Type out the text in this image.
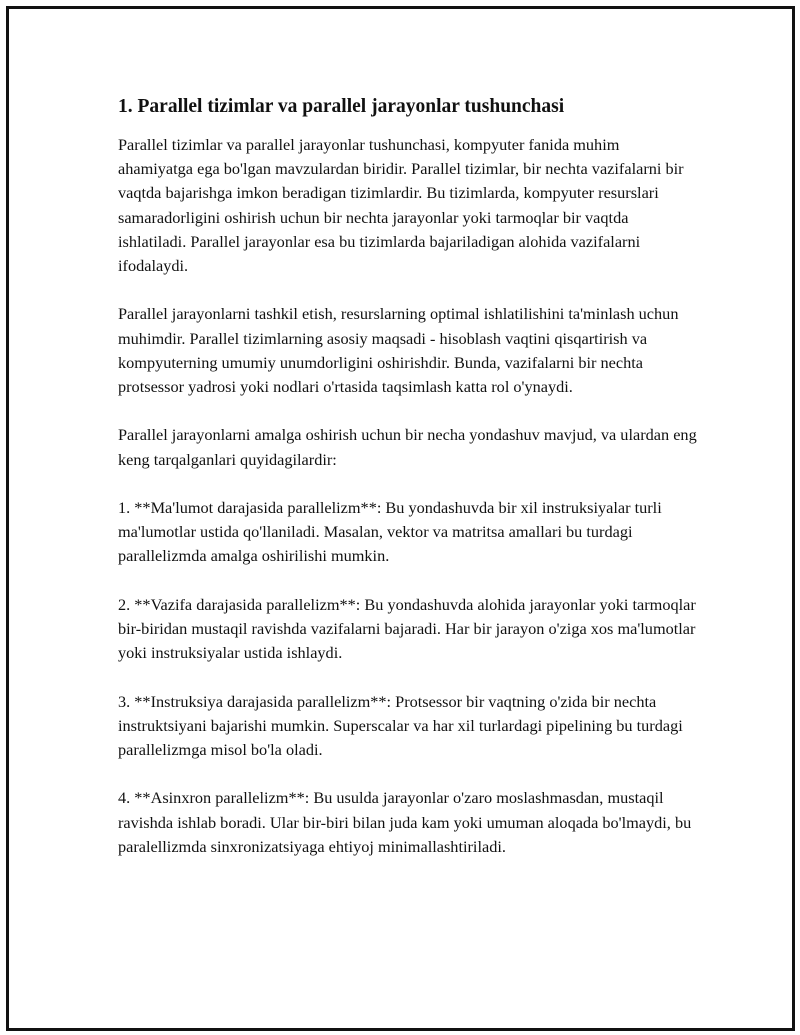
1. Parallel tizimlar va parallel jarayonlar tushunchasi

Parallel tizimlar va parallel jarayonlar tushunchasi, kompyuter fanida muhim ahamiyatga ega bo'lgan mavzulardan biridir. Parallel tizimlar, bir nechta vazifalarni bir vaqtda bajarishga imkon beradigan tizimlardir. Bu tizimlarda, kompyuter resurslari samaradorligini oshirish uchun bir nechta jarayonlar yoki tarmoqlar bir vaqtda ishlatiladi. Parallel jarayonlar esa bu tizimlarda bajariladigan alohida vazifalarni ifodalaydi.

Parallel jarayonlarni tashkil etish, resurslarning optimal ishlatilishini ta'minlash uchun muhimdir. Parallel tizimlarning asosiy maqsadi - hisoblash vaqtini qisqartirish va kompyuterning umumiy unumdorligini oshirishdir. Bunda, vazifalarni bir nechta protsessor yadrosi yoki nodlari o'rtasida taqsimlash katta rol o'ynaydi.

Parallel jarayonlarni amalga oshirish uchun bir necha yondashuv mavjud, va ulardan eng keng tarqalganlari quyidagilardir:

1. **Ma'lumot darajasida parallelizm**: Bu yondashuvda bir xil instruksiyalar turli ma'lumotlar ustida qo'llaniladi. Masalan, vektor va matritsa amallari bu turdagi parallelizmda amalga oshirilishi mumkin.

2. **Vazifa darajasida parallelizm**: Bu yondashuvda alohida jarayonlar yoki tarmoqlar bir-biridan mustaqil ravishda vazifalarni bajaradi. Har bir jarayon o'ziga xos ma'lumotlar yoki instruksiyalar ustida ishlaydi.

3. **Instruksiya darajasida parallelizm**: Protsessor bir vaqtning o'zida bir nechta instruktsiyani bajarishi mumkin. Superscalar va har xil turlardagi pipelining bu turdagi parallelizmga misol bo'la oladi.

4. **Asinxron parallelizm**: Bu usulda jarayonlar o'zaro moslashmasdan, mustaqil ravishda ishlab boradi. Ular bir-biri bilan juda kam yoki umuman aloqada bo'lmaydi, bu paralellizmda sinxronizatsiyaga ehtiyoj minimallashtiriladi.
